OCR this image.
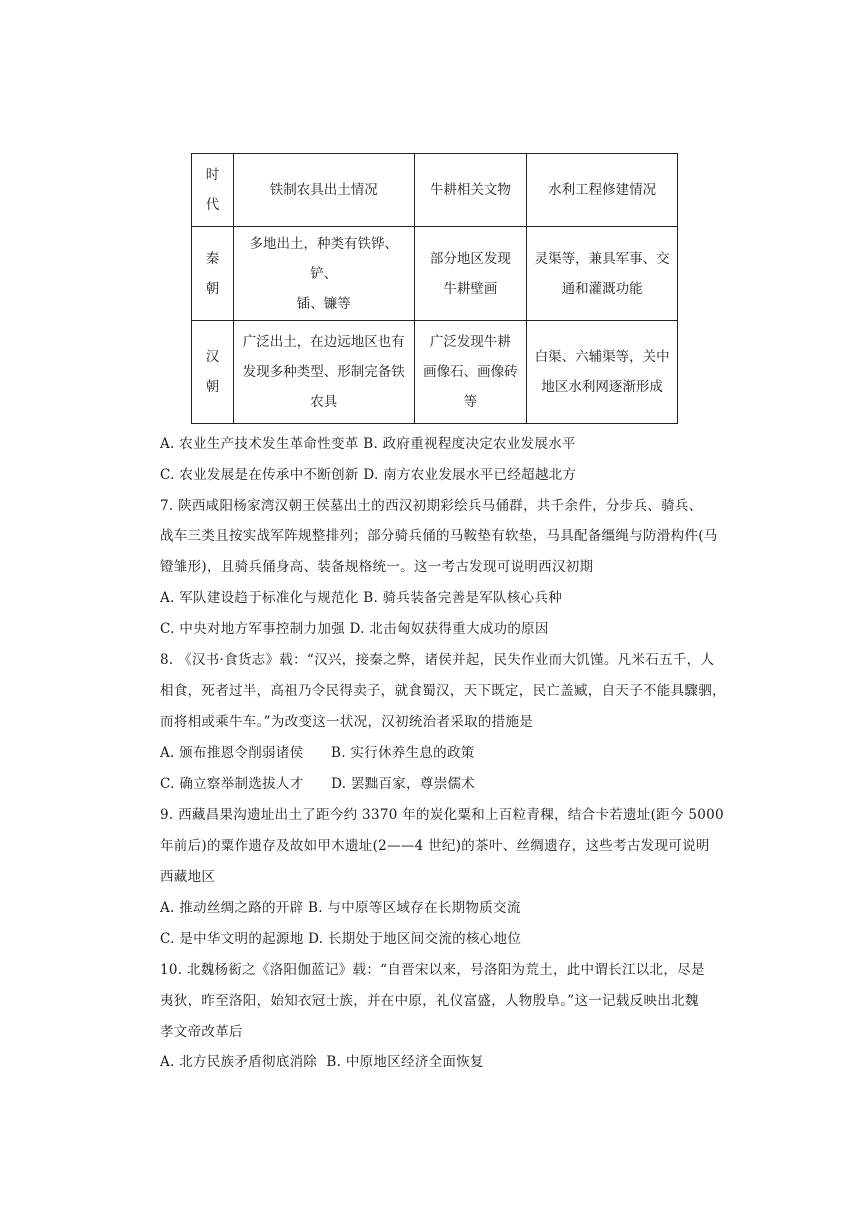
时
代	铁制农具出土情况	牛耕相关文物	水利工程修建情况
秦
朝	多地出土，种类有铁铧、铲、
锸、镰等	部分地区发现
牛耕壁画	灵渠等，兼具军事、交
通和灌溉功能
汉
朝	广泛出土，在边远地区也有
发现多种类型、形制完备铁
农具	广泛发现牛耕
画像石、画像砖
等	白渠、六辅渠等，关中
地区水利网逐渐形成
A. 农业生产技术发生革命性变革 B. 政府重视程度决定农业发展水平
C. 农业发展是在传承中不断创新 D. 南方农业发展水平已经超越北方
7. 陕西咸阳杨家湾汉朝王侯墓出土的西汉初期彩绘兵马俑群，共千余件，分步兵、骑兵、
战车三类且按实战军阵规整排列；部分骑兵俑的马鞍垫有软垫，马具配备缰绳与防滑构件(马
镫雏形)，且骑兵俑身高、装备规格统一。这一考古发现可说明西汉初期
A. 军队建设趋于标准化与规范化 B. 骑兵装备完善是军队核心兵种
C. 中央对地方军事控制力加强 D. 北击匈奴获得重大成功的原因
8. 《汉书·食货志》载：“汉兴，接秦之弊，诸侯并起，民失作业而大饥馑。凡米石五千，人
相食，死者过半，高祖乃令民得卖子，就食蜀汉，天下既定，民亡盖臧，自天子不能具驟驷，
而将相或乘牛车。”为改变这一状况，汉初统治者采取的措施是
A. 颁布推恩令削弱诸侯      B. 实行休养生息的政策
C. 确立察举制选拔人才      D. 罢黜百家，尊崇儒术
9. 西藏昌果沟遗址出土了距今约 3370 年的炭化粟和上百粒青稞，结合卡若遗址(距今 5000
年前后)的粟作遗存及故如甲木遗址(2——4 世纪)的茶叶、丝绸遗存，这些考古发现可说明
西藏地区
A. 推动丝绸之路的开辟 B. 与中原等区域存在长期物质交流
C. 是中华文明的起源地 D. 长期处于地区间交流的核心地位
10. 北魏杨衒之《洛阳伽蓝记》载：“自晋宋以来，号洛阳为荒土，此中谓长江以北，尽是
夷狄，昨至洛阳，始知衣冠士族，并在中原，礼仪富盛，人物殷阜。”这一记载反映出北魏
孝文帝改革后
A. 北方民族矛盾彻底消除  B. 中原地区经济全面恢复
